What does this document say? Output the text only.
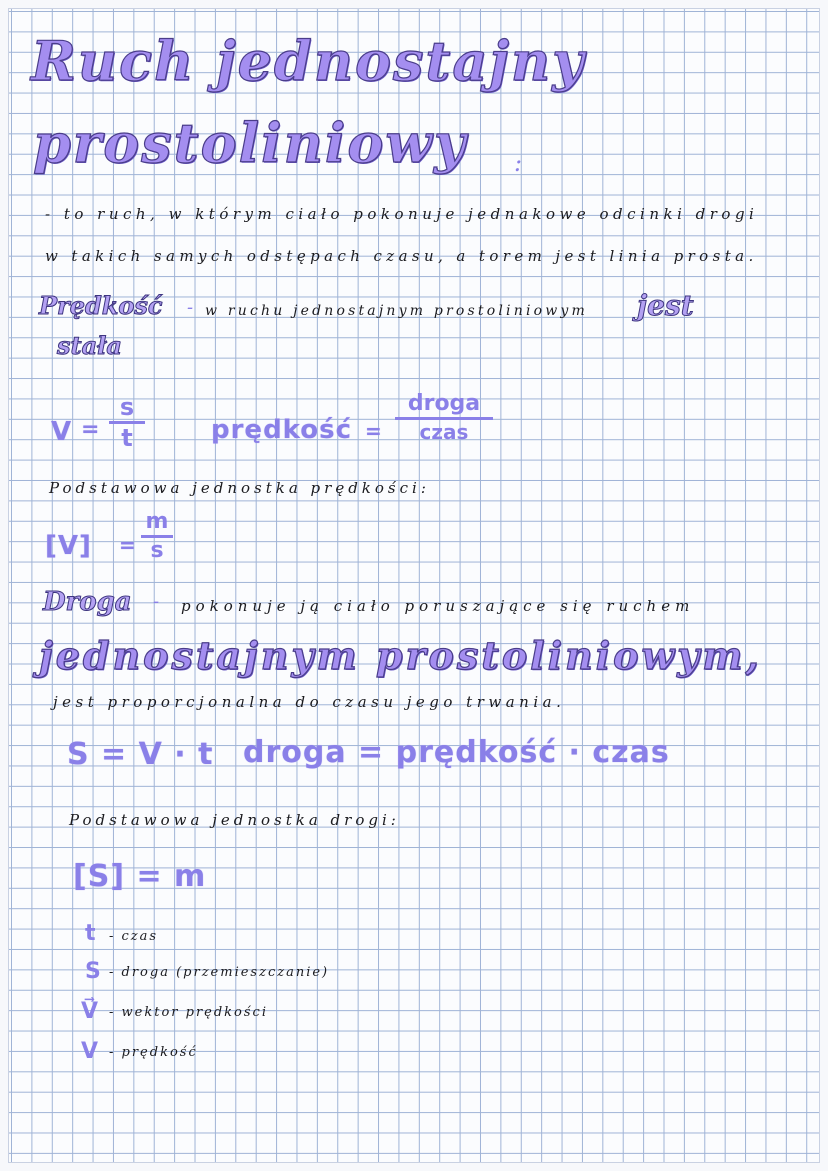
Ruch jednostajny
prostoliniowy :
- to ruch, w którym ciało pokonuje jednakowe odcinki drogi
w takich samych odstępach czasu, a torem jest linia prosta.
Prędkość - w ruchu jednostajnym prostoliniowym jest
stała
V =
s
t	prędkość =
droga
czas
Podstawowa jednostka prędkości:
[V] =
m
s
Droga - pokonuje ją ciało poruszające się ruchem
jednostajnym prostoliniowym,
jest proporcjonalna do czasu jego trwania.
S = V · t droga = prędkość · czas
Podstawowa jednostka drogi:
[S] = m
t - czas
S - droga (przemieszczanie)
V⃗ - wektor prędkości
V - prędkość
